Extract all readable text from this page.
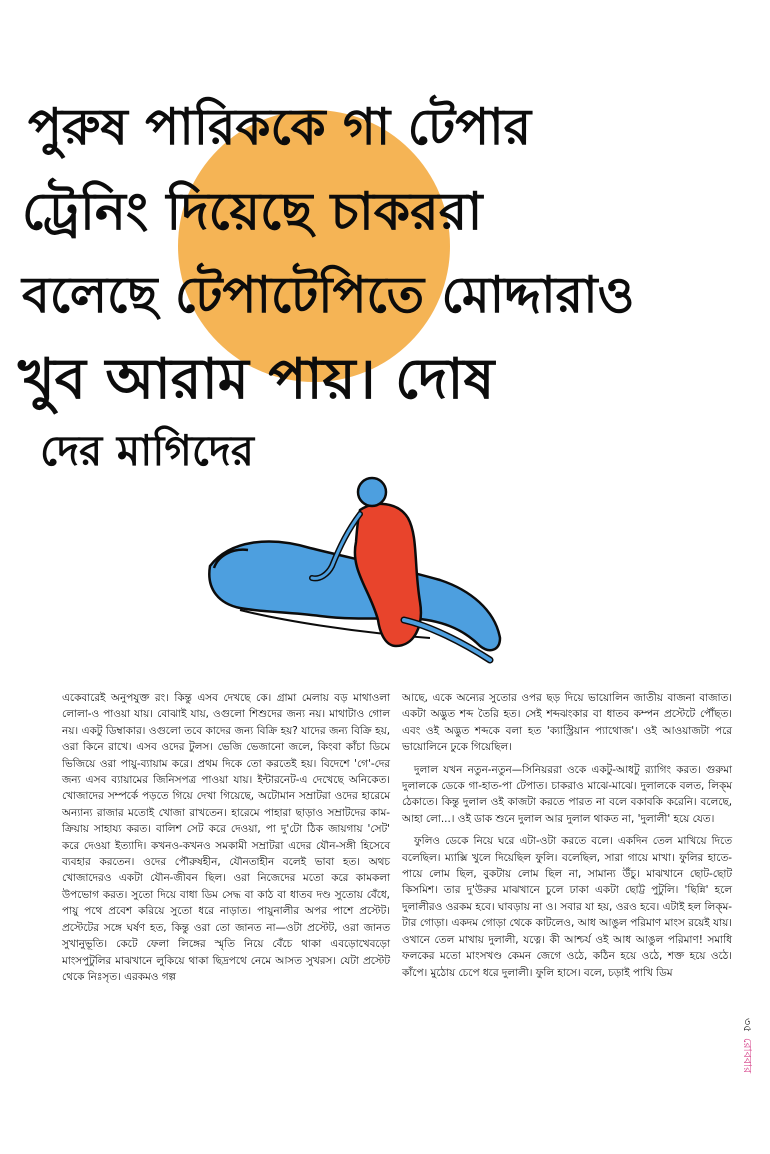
পুরুষ পারিককে গা টেপার

ট্রেনিং দিয়েছে চাকররা

বলেছে টেপাটেপিতে মোদ্দারাও

খুব আরাম পায়। দোষ

দের মাগিদের

একেবারেই অনুপযুক্ত রং। কিন্তু এসব দেখছে কে। গ্রামা মেলায় বড় মাথাওলা লোলা-ও পাওয়া যায়। বোঝাই যায়, ওগুলো শিশুদের জন্য নয়। মাথাটাও গোল নয়। একটু ডিম্বাকার। ওগুলো তবে কাদের জন্য বিক্রি হয়? যাদের জন্য বিক্রি হয়, ওরা কিনে রাখে। এসব ওদের টুলস। ভেজি ভেজানো জলে, কিংবা কাঁচা ডিমে ভিজিয়ে ওরা পায়ু-ব্যায়াম করে। প্রথম দিকে তো করতেই হয়। বিদেশে 'গে'-দের জন্য এসব ব্যায়ামের জিনিসপত্র পাওয়া যায়। ইন্টারনেট-এ দেখেছে অনিকেত। খোজাদের সম্পর্কে পড়তে গিয়ে দেখা গিয়েছে, অটোমান সম্রাটরা ওদের হারেমে অন্যান্য রাজার মতোই খোজা রাখতেন। হারেমে পাহারা ছাড়াও সম্রাটদের কাম-ক্রিয়ায় সাহায্য করত। বালিশ সেট করে দেওয়া, পা দু'টো ঠিক জায়গায় 'সেট' করে দেওয়া ইত্যাদি। কখনও-কখনও সমকামী সম্রাটরা এদের যৌন-সঙ্গী হিসেবে ব্যবহার করতেন। ওদের পৌরুষহীন, যৌনতাহীন বলেই ভাবা হত। অথচ খোজাদেরও একটা যৌন-জীবন ছিল। ওরা নিজেদের মতো করে কামকলা উপভোগ করত। সুতো দিয়ে বাধা ডিম সেদ্ধ বা কাঠ বা ধাতব দণ্ড সুতোয় বেঁধে, পায়ু পথে প্রবেশ করিয়ে সুতো ধরে নাড়াত। পায়ুনালীর অপর পাশে প্রস্টেট। প্রস্টেটের সঙ্গে ঘর্ষণ হত, কিন্তু ওরা তো জানত না—ওটা প্রস্টেট, ওরা জানত সুখানুভূতি। কেটে ফেলা লিঙ্গের স্মৃতি নিয়ে বেঁচে থাকা এবড়োখেবড়ো মাংসপুটুলির মাঝখানে লুকিয়ে থাকা ছিদ্রপথে নেমে আসত সুখরস। যেটা প্রস্টেট থেকে নিঃসৃত। এরকমও গল্প

আছে, একে অন্যের সুতোর ওপর ছড় দিয়ে ভায়োলিন জাতীয় বাজনা বাজাত। একটা অদ্ভুত শব্দ তৈরি হত। সেই শব্দঝংকার বা ধাতব কম্পন প্রস্টেটে পৌঁছত। এবং ওই অদ্ভুত শব্দকে বলা হত 'ক্যাস্ট্রিয়ান প্যাথোজ'। ওই আওয়াজটা পরে ভায়োলিনে ঢুকে গিয়েছিল।

দুলাল যখন নতুন-নতুন—সিনিয়ররা ওকে একটু-আধটু র‍্যাগিং করত। গুরুমা দুলালকে ডেকে গা-হাত-পা টেপাত। চাকরাও মাঝে-মাঝে। দুলালকে বলত, লিক্‌ম ঠেকাতে। কিন্তু দুলাল ওই কাজটা করতে পারত না বলে বকাবকি করেনি। বলেছে, আহা লো...। ওই ডাক শুনে দুলাল আর দুলাল থাকত না, 'দুলালী' হয়ে যেত।

ফুলিও ডেকে নিয়ে ঘরে এটা-ওটা করতে বলে। একদিন তেল মাখিয়ে দিতে বলেছিল। ম্যাক্সি খুলে দিয়েছিল ফুলি। বলেছিল, সারা গায়ে মাখা। ফুলির হাতে-পায়ে লোম ছিল, বুকটায় লোম ছিল না, সামান্য উঁচু। মাঝখানে ছোট-ছোট কিসমিশ। তার দু'উরুর মাঝখানে চুলে ঢাকা একটা ছোট্ট পুটুলি। 'ছিন্নি' হলে দুলালীরও ওরকম হবে। ঘাবড়ায় না ও। সবার যা হয়, ওরও হবে। এটাই হল লিক্‌ম-টার গোড়া। একদম গোড়া থেকে কাটলেও, আধ আঙুল পরিমাণ মাংস রয়েই যায়। ওখানে তেল মাখায় দুলালী, যত্নে। কী আশ্চর্য ওই আধ আঙুল পরিমাণ! সমাধি ফলকের মতো মাংসখণ্ড কেমন জেগে ওঠে, কঠিন হয়ে ওঠে, শক্ত হয়ে ওঠে। কাঁপে। মুঠোয় চেপে ধরে দুলালী। ফুলি হাসে। বলে, চড়াই পাখি ডিম

৩৫
রোববার
